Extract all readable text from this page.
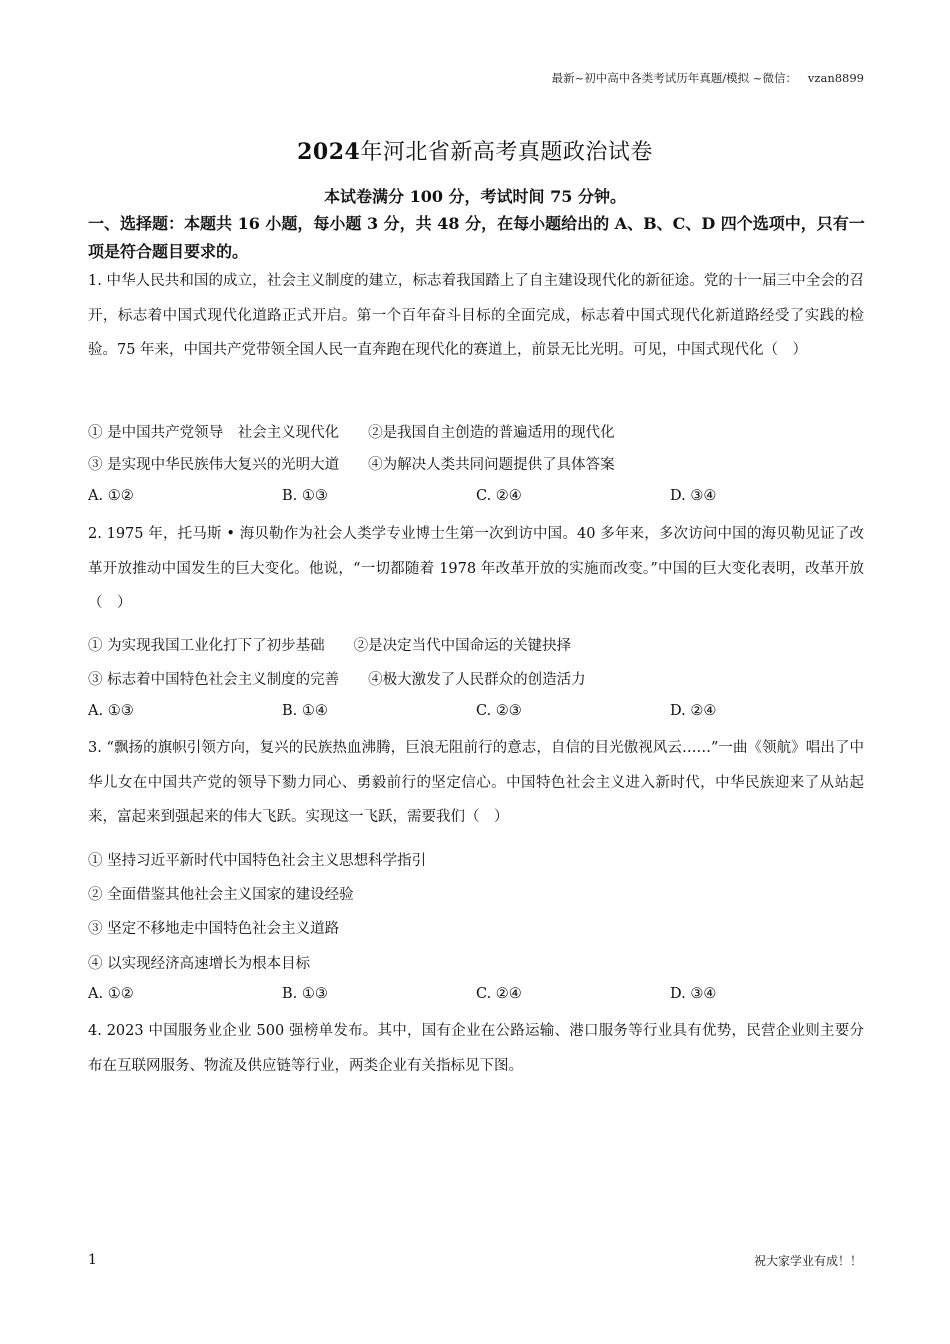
最新~初中高中各类考试历年真题/模拟 ~微信：   vzan8899
2024年河北省新高考真题政治试卷
本试卷满分 100 分，考试时间 75 分钟。
一、选择题：本题共 16 小题，每小题 3 分，共 48 分，在每小题给出的 A、B、C、D 四个选项中，只有一项是符合题目要求的。
1. 中华人民共和国的成立，社会主义制度的建立，标志着我国踏上了自主建设现代化的新征途。党的十一届三中全会的召开，标志着中国式现代化道路正式开启。第一个百年奋斗目标的全面完成，标志着中国式现代化新道路经受了实践的检验。75 年来，中国共产党带领全国人民一直奔跑在现代化的赛道上，前景无比光明。可见，中国式现代化（　）
① 是中国共产党领导　社会主义现代化　　②是我国自主创造的普遍适用的现代化
③ 是实现中华民族伟大复兴的光明大道　　④为解决人类共同问题提供了具体答案
A. ①②	B. ①③	C. ②④	D. ③④
2. 1975 年，托马斯 • 海贝勒作为社会人类学专业博士生第一次到访中国。40 多年来，多次访问中国的海贝勒见证了改革开放推动中国发生的巨大变化。他说，“一切都随着 1978 年改革开放的实施而改变。”中国的巨大变化表明，改革开放（　）
① 为实现我国工业化打下了初步基础　　②是决定当代中国命运的关键抉择
③ 标志着中国特色社会主义制度的完善　　④极大激发了人民群众的创造活力
A. ①③	B. ①④	C. ②③	D. ②④
3. “飘扬的旗帜引领方向，复兴的民族热血沸腾，巨浪无阻前行的意志，自信的目光傲视风云……”一曲《领航》唱出了中华儿女在中国共产党的领导下勠力同心、勇毅前行的坚定信心。中国特色社会主义进入新时代，中华民族迎来了从站起来，富起来到强起来的伟大飞跃。实现这一飞跃，需要我们（　）
① 坚持习近平新时代中国特色社会主义思想科学指引
② 全面借鉴其他社会主义国家的建设经验
③ 坚定不移地走中国特色社会主义道路
④ 以实现经济高速增长为根本目标
A. ①②	B. ①③	C. ②④	D. ③④
4. 2023 中国服务业企业 500 强榜单发布。其中，国有企业在公路运输、港口服务等行业具有优势，民营企业则主要分布在互联网服务、物流及供应链等行业，两类企业有关指标见下图。
1	祝大家学业有成！！
